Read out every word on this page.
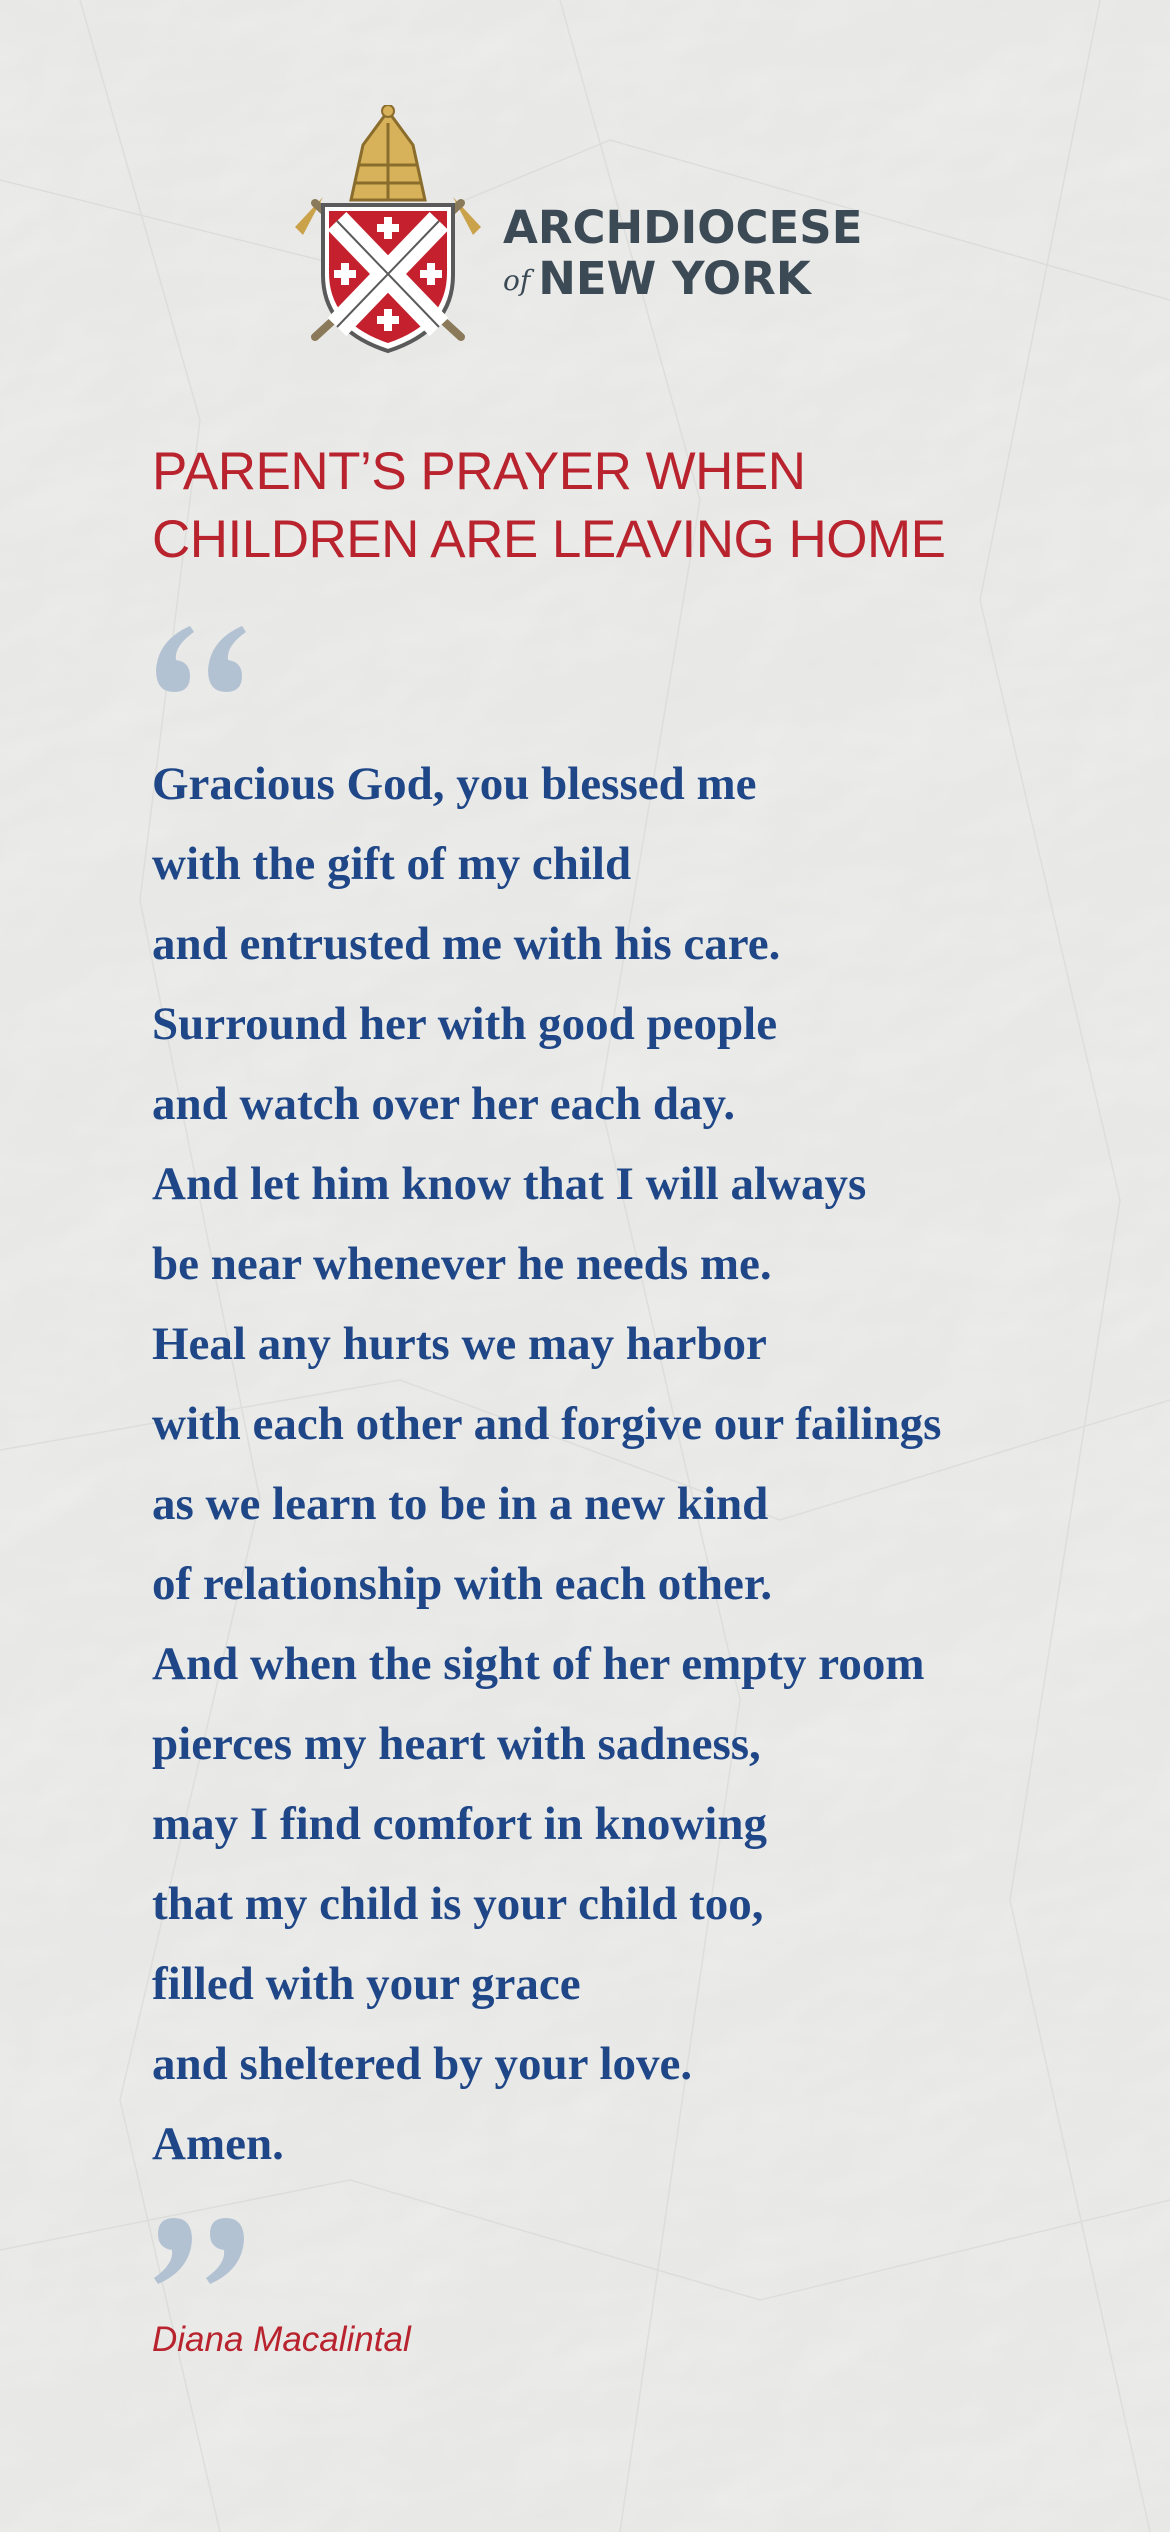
ARCHDIOCESE
of NEW YORK
PARENT’S PRAYER WHEN
CHILDREN ARE LEAVING HOME
Gracious God, you blessed me
with the gift of my child
and entrusted me with his care.
Surround her with good people
and watch over her each day.
And let him know that I will always
be near whenever he needs me.
Heal any hurts we may harbor
with each other and forgive our failings
as we learn to be in a new kind
of relationship with each other.
And when the sight of her empty room
pierces my heart with sadness,
may I find comfort in knowing
that my child is your child too,
filled with your grace
and sheltered by your love.
Amen.
Diana Macalintal
